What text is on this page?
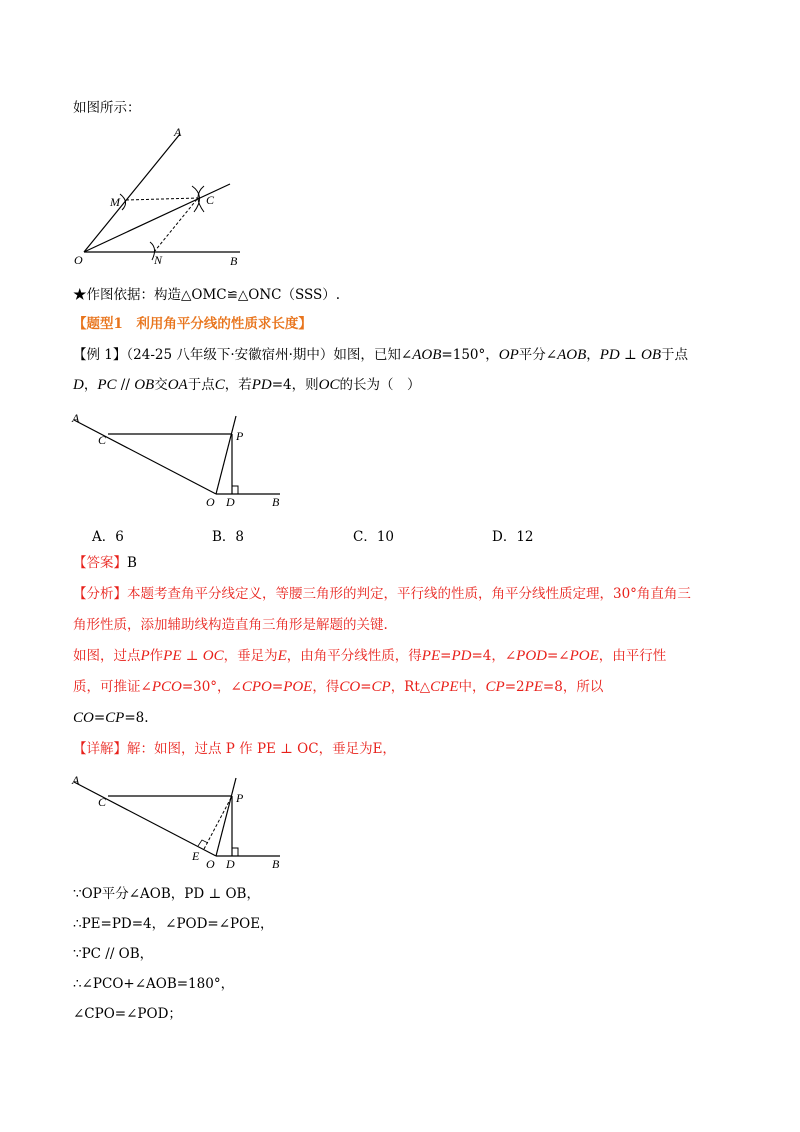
如图所示：
A
M	C
O	N	B
★作图依据：构造△OMC≌△ONC（SSS）.
【题型1　利用角平分线的性质求长度】
【例 1】（24-25 八年级下·安徽宿州·期中）如图，已知∠AOB=150°，OP平分∠AOB，PD ⊥ OB于点
D，PC // OB交OA于点C，若PD=4，则OC的长为（　）
A
C	P
O D	B
A．6	B．8	C．10	D．12
【答案】B
【分析】本题考查角平分线定义，等腰三角形的判定，平行线的性质，角平分线性质定理，30°角直角三
角形性质，添加辅助线构造直角三角形是解题的关键.
如图，过点P作PE ⊥ OC，垂足为E，由角平分线性质，得PE=PD=4，∠POD=∠POE，由平行性
质，可推证∠PCO=30°，∠CPO=POE，得CO=CP，Rt△CPE中，CP=2PE=8，所以
CO=CP=8.
【详解】解：如图，过点 P 作 PE ⊥ OC，垂足为E，
A
C	P
E
O D	B
∵OP平分∠AOB，PD ⊥ OB，
∴PE=PD=4，∠POD=∠POE，
∵PC // OB，
∴∠PCO+∠AOB=180°，
∠CPO=∠POD；
